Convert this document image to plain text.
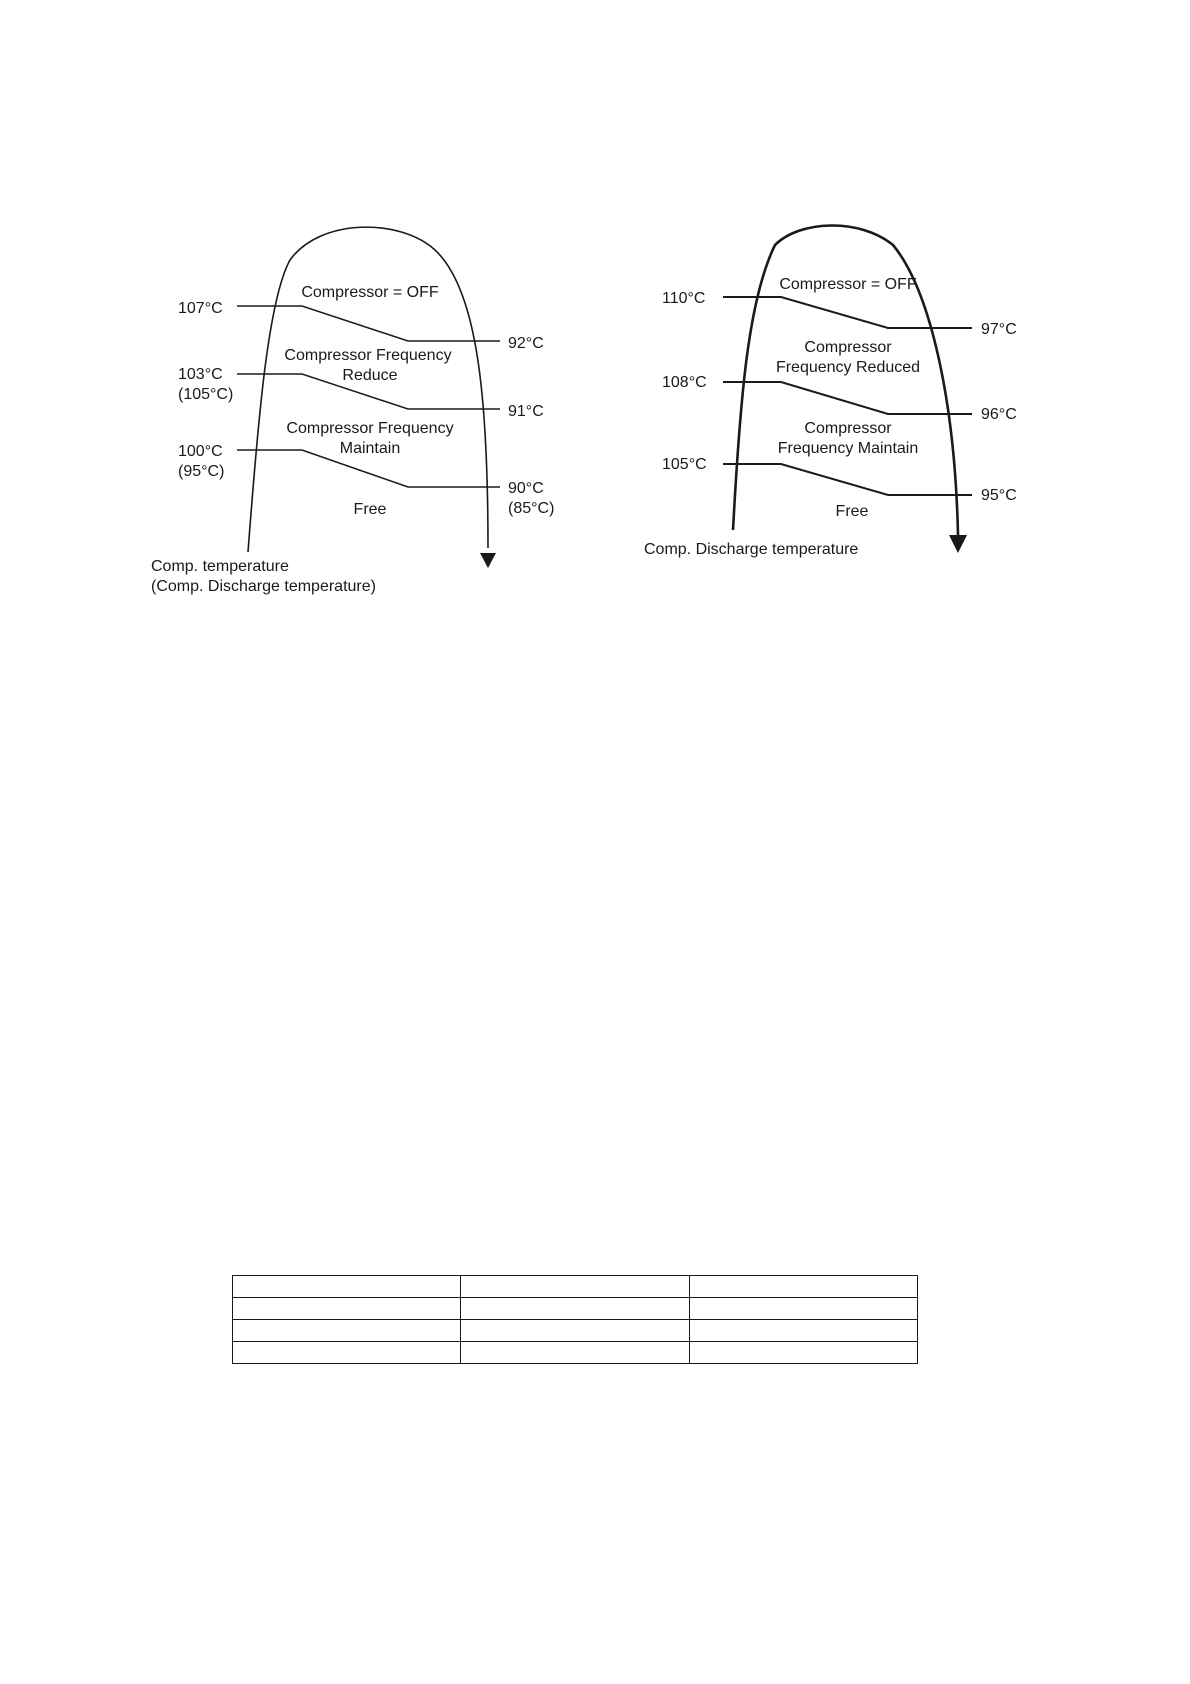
Compressor = OFF
Compressor Frequency
Reduce
Compressor Frequency
Maintain
Free
107°C
103°C
(105°C)
100°C
(95°C)
92°C
91°C
90°C
(85°C)
Comp. temperature
(Comp. Discharge temperature)
Compressor = OFF
Compressor
Frequency Reduced
Compressor
Frequency Maintain
Free
110°C
108°C
105°C
97°C
96°C
95°C
Comp. Discharge temperature
